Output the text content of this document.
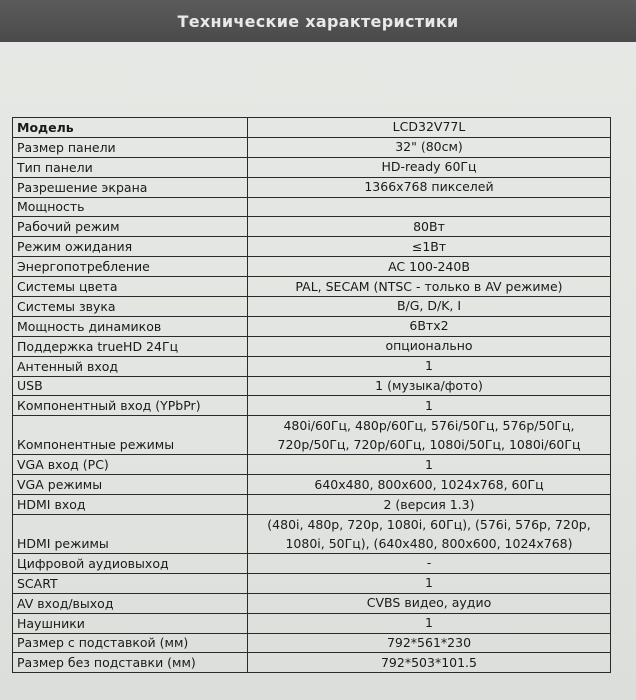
Технические характеристики
Модель	LCD32V77L
Размер панели	32" (80см)
Тип панели	HD-ready 60Гц
Разрешение экрана	1366x768 пикселей
Мощность	
Рабочий режим	80Вт
Режим ожидания	≤1Вт
Энергопотребление	AC 100-240В
Системы цвета	PAL, SECAM (NTSC - только в AV режиме)
Системы звука	B/G, D/K, I
Мощность динамиков	6Втх2
Поддержка trueHD 24Гц	опционально
Антенный вход	1
USB	1 (музыка/фото)
Компонентный вход (YPbPr)	1
Компонентные режимы	480i/60Гц, 480р/60Гц, 576i/50Гц, 576р/50Гц, 720р/50Гц, 720р/60Гц, 1080i/50Гц, 1080i/60Гц
VGA вход (PC)	1
VGA режимы	640x480, 800x600, 1024x768, 60Гц
HDMI вход	2 (версия 1.3)
HDMI режимы	(480i, 480р, 720р, 1080i, 60Гц), (576i, 576р, 720р, 1080i, 50Гц), (640x480, 800x600, 1024x768)
Цифровой аудиовыход	-
SCART	1
AV вход/выход	CVBS видео, аудио
Наушники	1
Размер с подставкой (мм)	792*561*230
Размер без подставки (мм)	792*503*101.5
